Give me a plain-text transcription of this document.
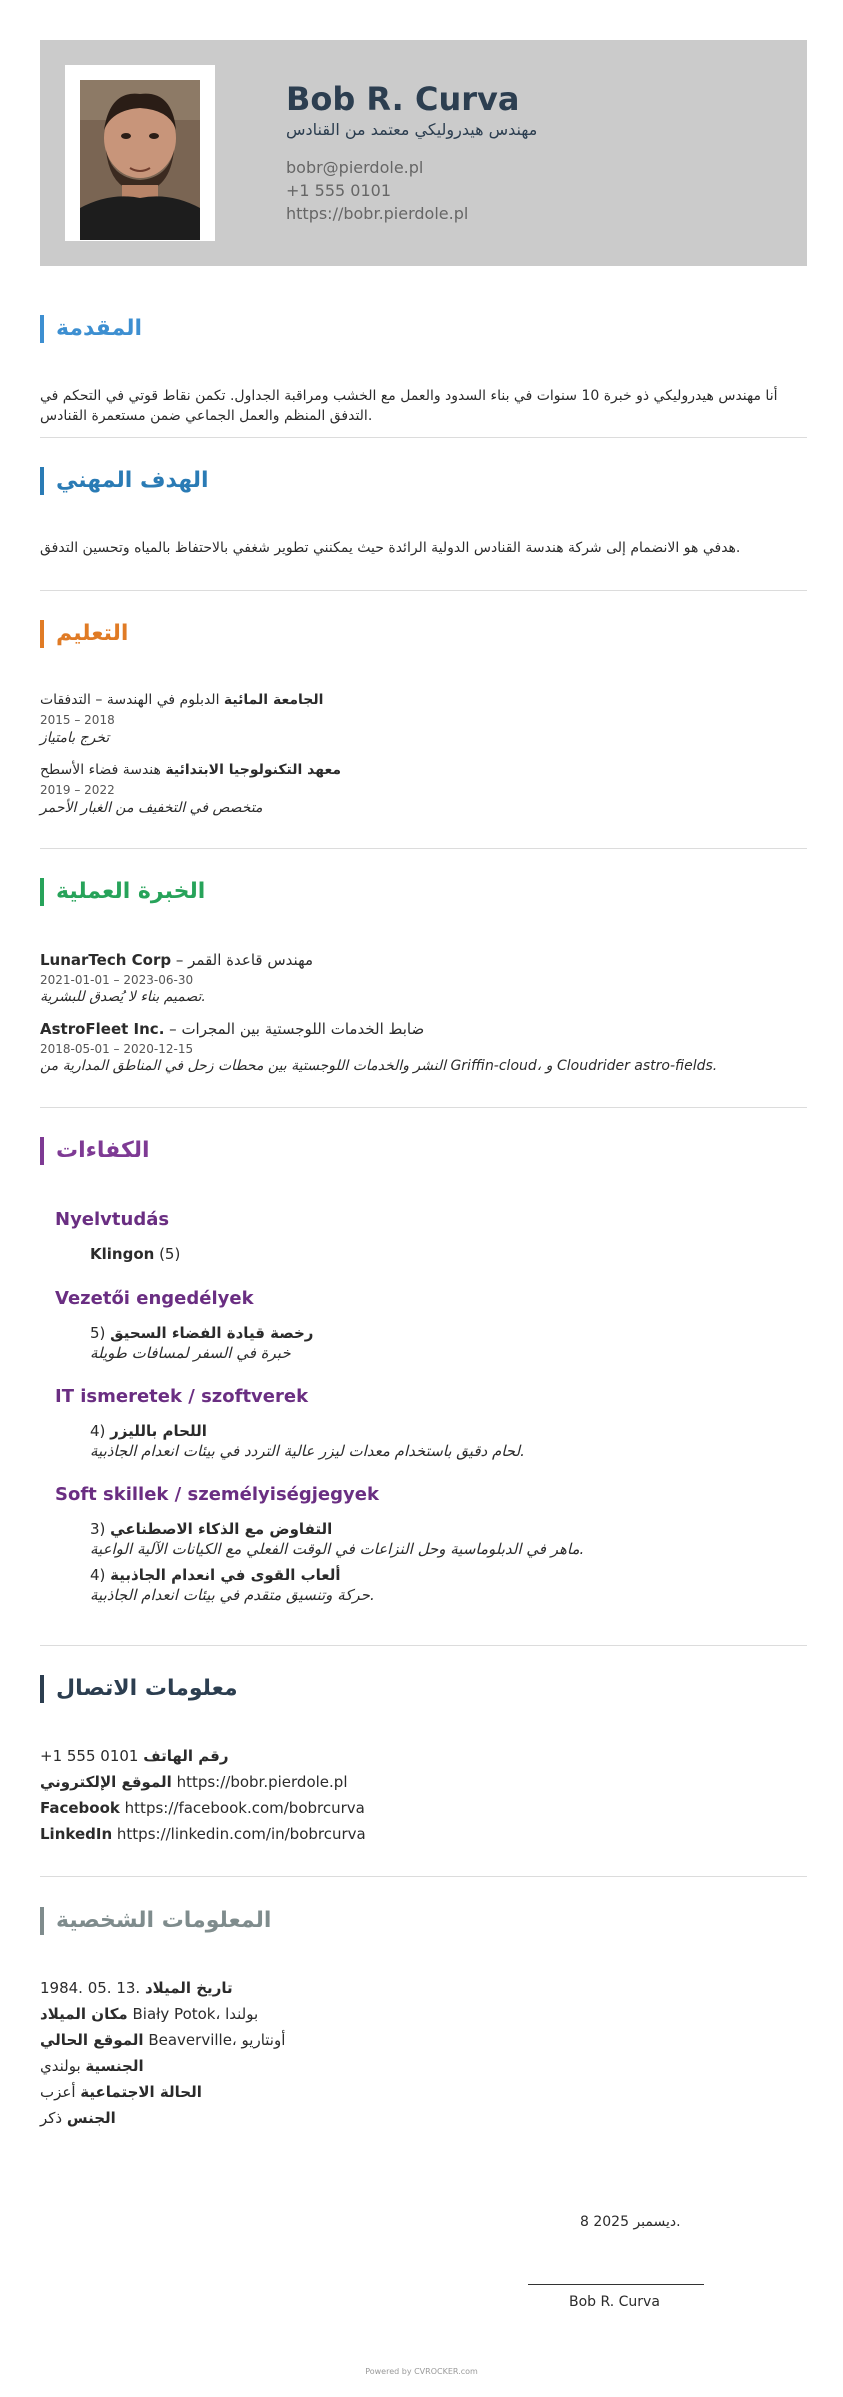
Bob R. Curva
مهندس هيدروليكي معتمد من القنادس
bobr@pierdole.pl
+1 555 0101
https://bobr.pierdole.pl
المقدمة
أنا مهندس هيدروليكي ذو خبرة 10 سنوات في بناء السدود والعمل مع الخشب ومراقبة الجداول. تكمن نقاط قوتي في التحكم في التدفق المنظم والعمل الجماعي ضمن مستعمرة القنادس.
الهدف المهني
هدفي هو الانضمام إلى شركة هندسة القنادس الدولية الرائدة حيث يمكنني تطوير شغفي بالاحتفاظ بالمياه وتحسين التدفق.
التعليم
الجامعة المائية الدبلوم في الهندسة – التدفقات
2015 – 2018
تخرج بامتياز
معهد التكنولوجيا الابتدائية هندسة فضاء الأسطح
2019 – 2022
متخصص في التخفيف من الغبار الأحمر
الخبرة العملية
LunarTech Corp – مهندس قاعدة القمر
2021-01-01 – 2023-06-30
تصميم بناء لا يُصدق للبشرية.
AstroFleet Inc. – ضابط الخدمات اللوجستية بين المجرات
2018-05-01 – 2020-12-15
النشر والخدمات اللوجستية بين محطات زحل في المناطق المدارية من Griffin-cloud، و Cloudrider astro-fields.
الكفاءات
Nyelvtudás
Klingon (5)
Vezetői engedélyek
5) رخصة قيادة الفضاء السحيق
خبرة في السفر لمسافات طويلة
IT ismeretek / szoftverek
4) اللحام بالليزر
لحام دقيق باستخدام معدات ليزر عالية التردد في بيئات انعدام الجاذبية.
Soft skillek / személyiségjegyek
3) التفاوض مع الذكاء الاصطناعي
ماهر في الدبلوماسية وحل النزاعات في الوقت الفعلي مع الكيانات الآلية الواعية.
4) ألعاب القوى في انعدام الجاذبية
حركة وتنسيق متقدم في بيئات انعدام الجاذبية.
معلومات الاتصال
+1 555 0101 رقم الهاتف
الموقع الإلكتروني https://bobr.pierdole.pl
Facebook https://facebook.com/bobrcurva
LinkedIn https://linkedin.com/in/bobrcurva
المعلومات الشخصية
1984. 05. 13. تاريخ الميلاد
مكان الميلاد Biały Potok، بولندا
الموقع الحالي Beaverville، أونتاريو
الجنسية بولندي
الحالة الاجتماعية أعزب
الجنس ذكر
8 ديسمبر 2025.
Bob R. Curva
Powered by CVROCKER.com
